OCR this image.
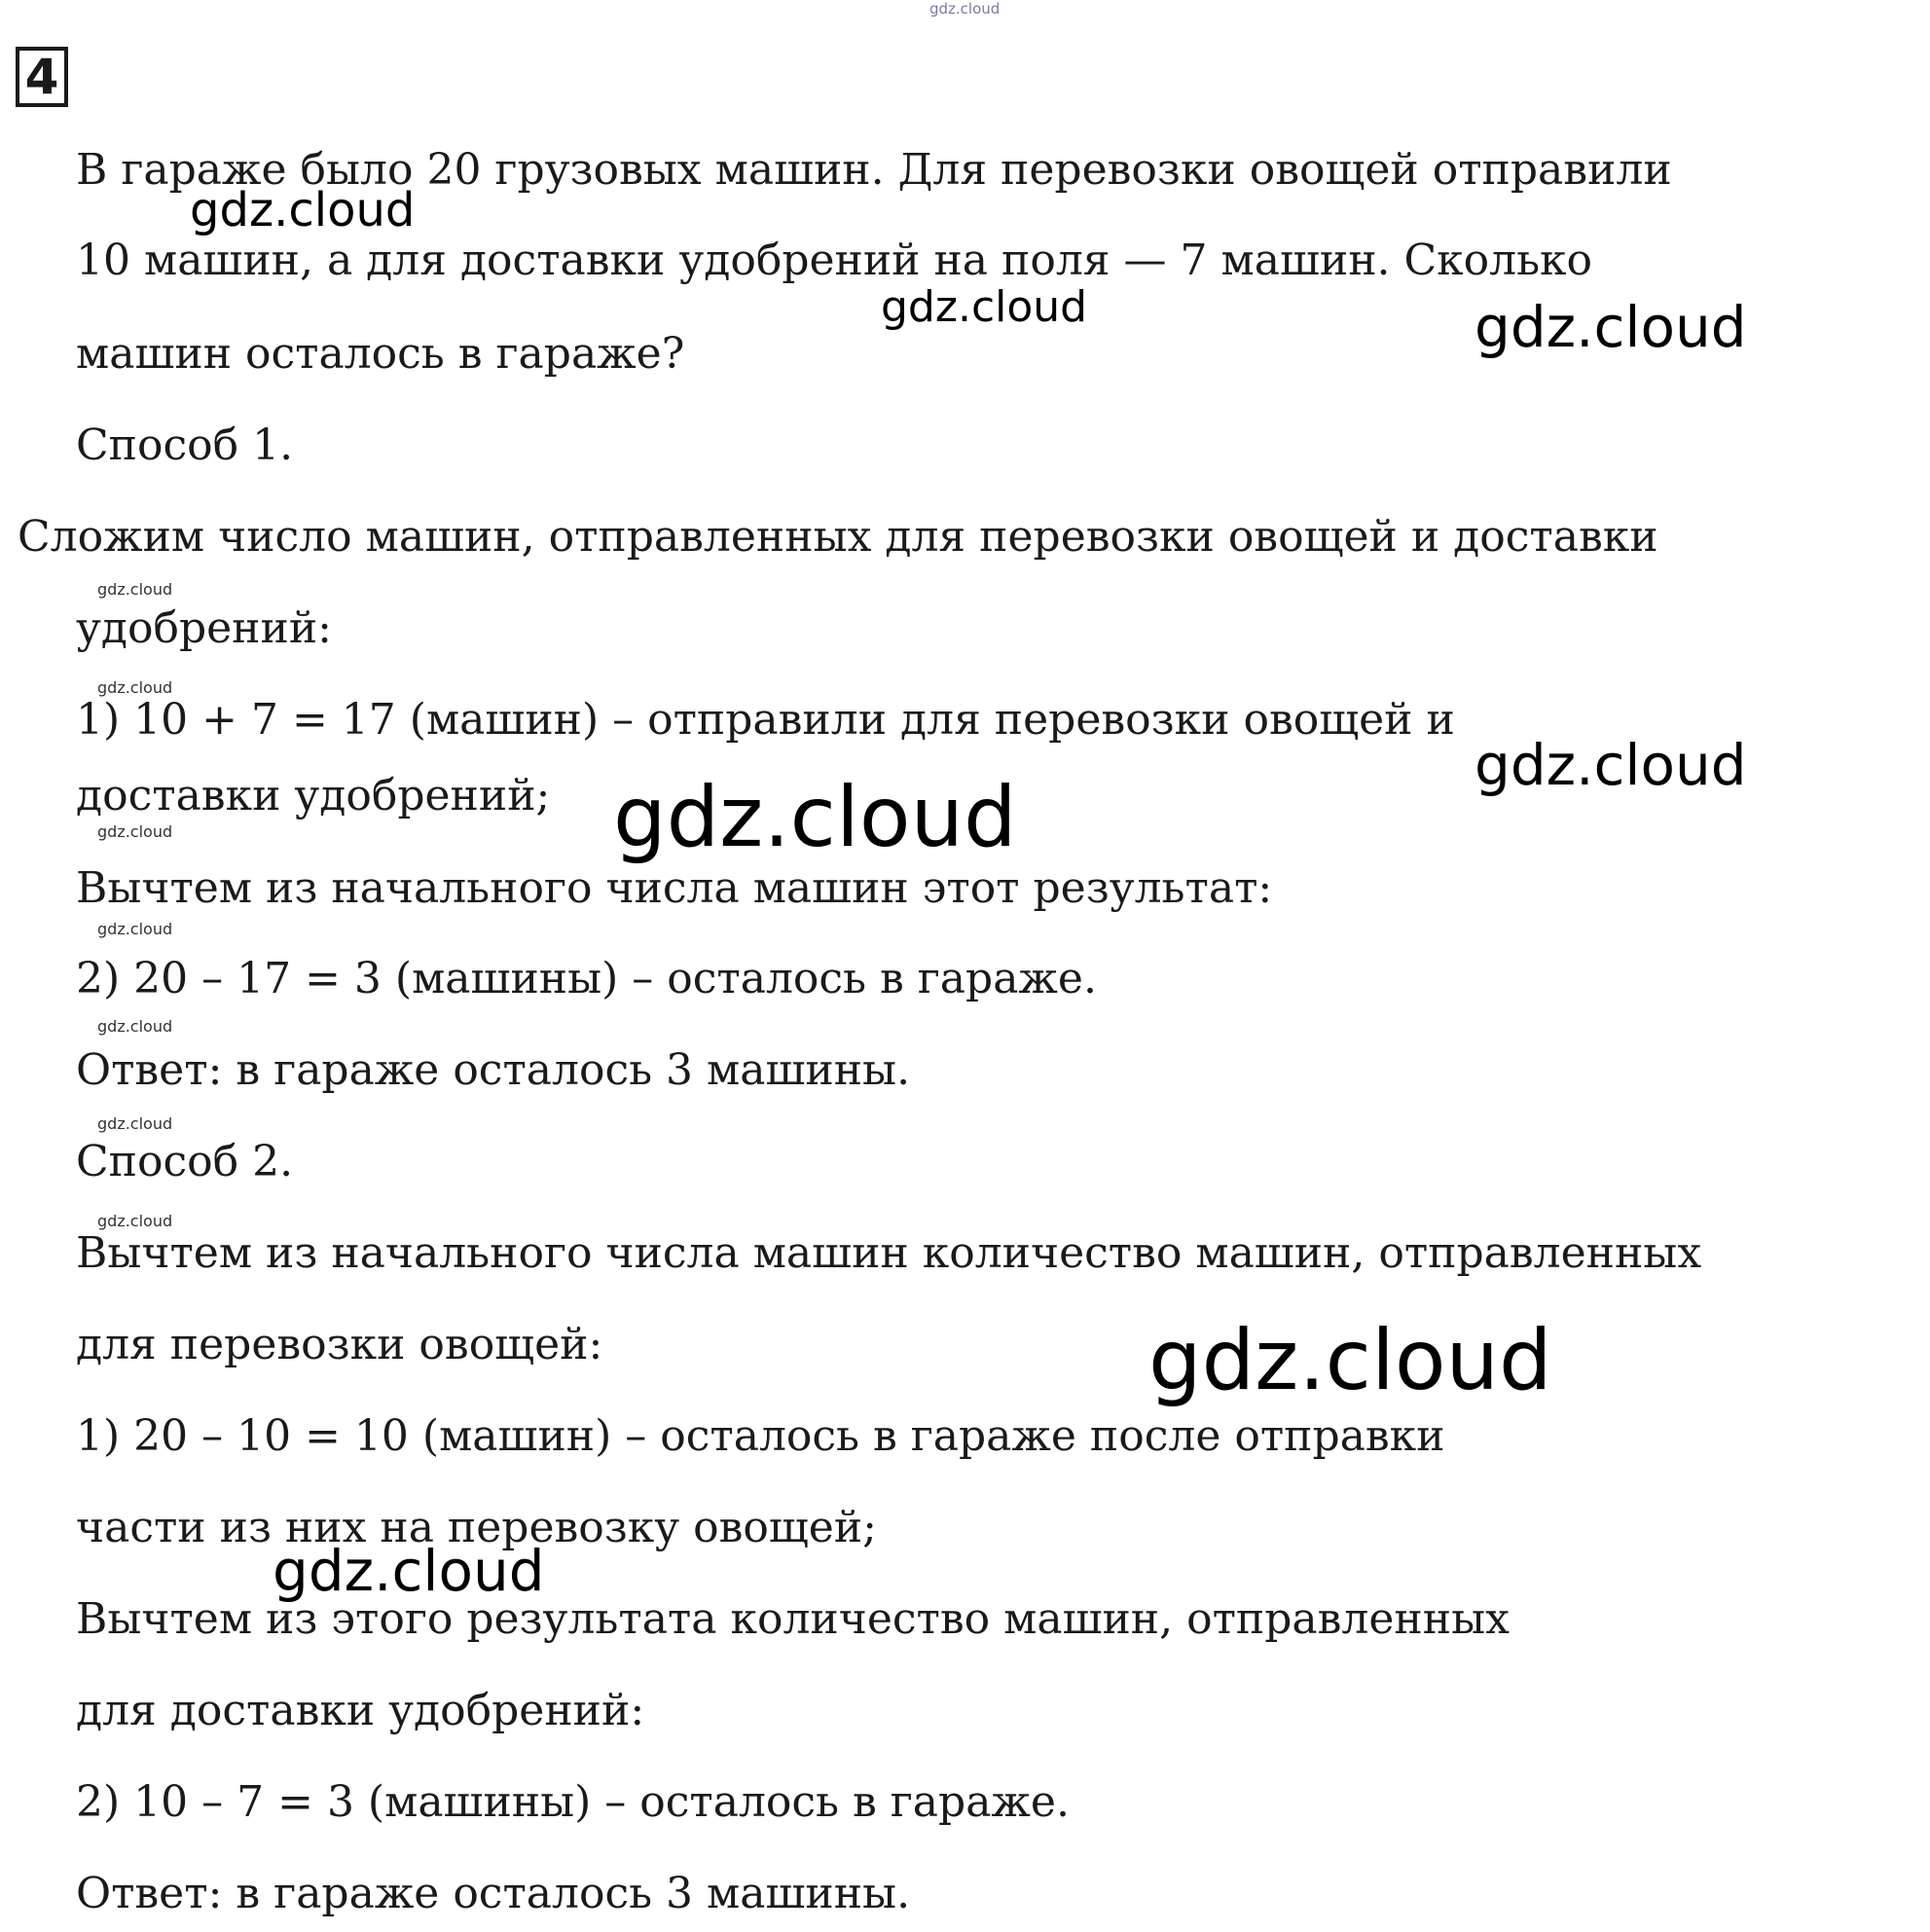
4
В гараже было 20 грузовых машин. Для перевозки овощей отправили
10 машин, а для доставки удобрений на поля — 7 машин. Сколько
машин осталось в гараже?
Способ 1.
Сложим число машин, отправленных для перевозки овощей и доставки
удобрений:
1) 10 + 7 = 17 (машин) – отправили для перевозки овощей и
доставки удобрений;
Вычтем из начального числа машин этот результат:
2) 20 – 17 = 3 (машины) – осталось в гараже.
Ответ: в гараже осталось 3 машины.
Способ 2.
Вычтем из начального числа машин количество машин, отправленных
для перевозки овощей:
1) 20 – 10 = 10 (машин) – осталось в гараже после отправки
части из них на перевозку овощей;
Вычтем из этого результата количество машин, отправленных
для доставки удобрений:
2) 10 – 7 = 3 (машины) – осталось в гараже.
Ответ: в гараже осталось 3 машины.
gdz.cloud
gdz.cloud
gdz.cloud	gdz.cloud
gdz.cloud
gdz.cloud
gdz.cloud
gdz.cloud
gdz.cloud
gdz.cloud
gdz.cloud
gdz.cloud
gdz.cloud
gdz.cloud
gdz.cloud
